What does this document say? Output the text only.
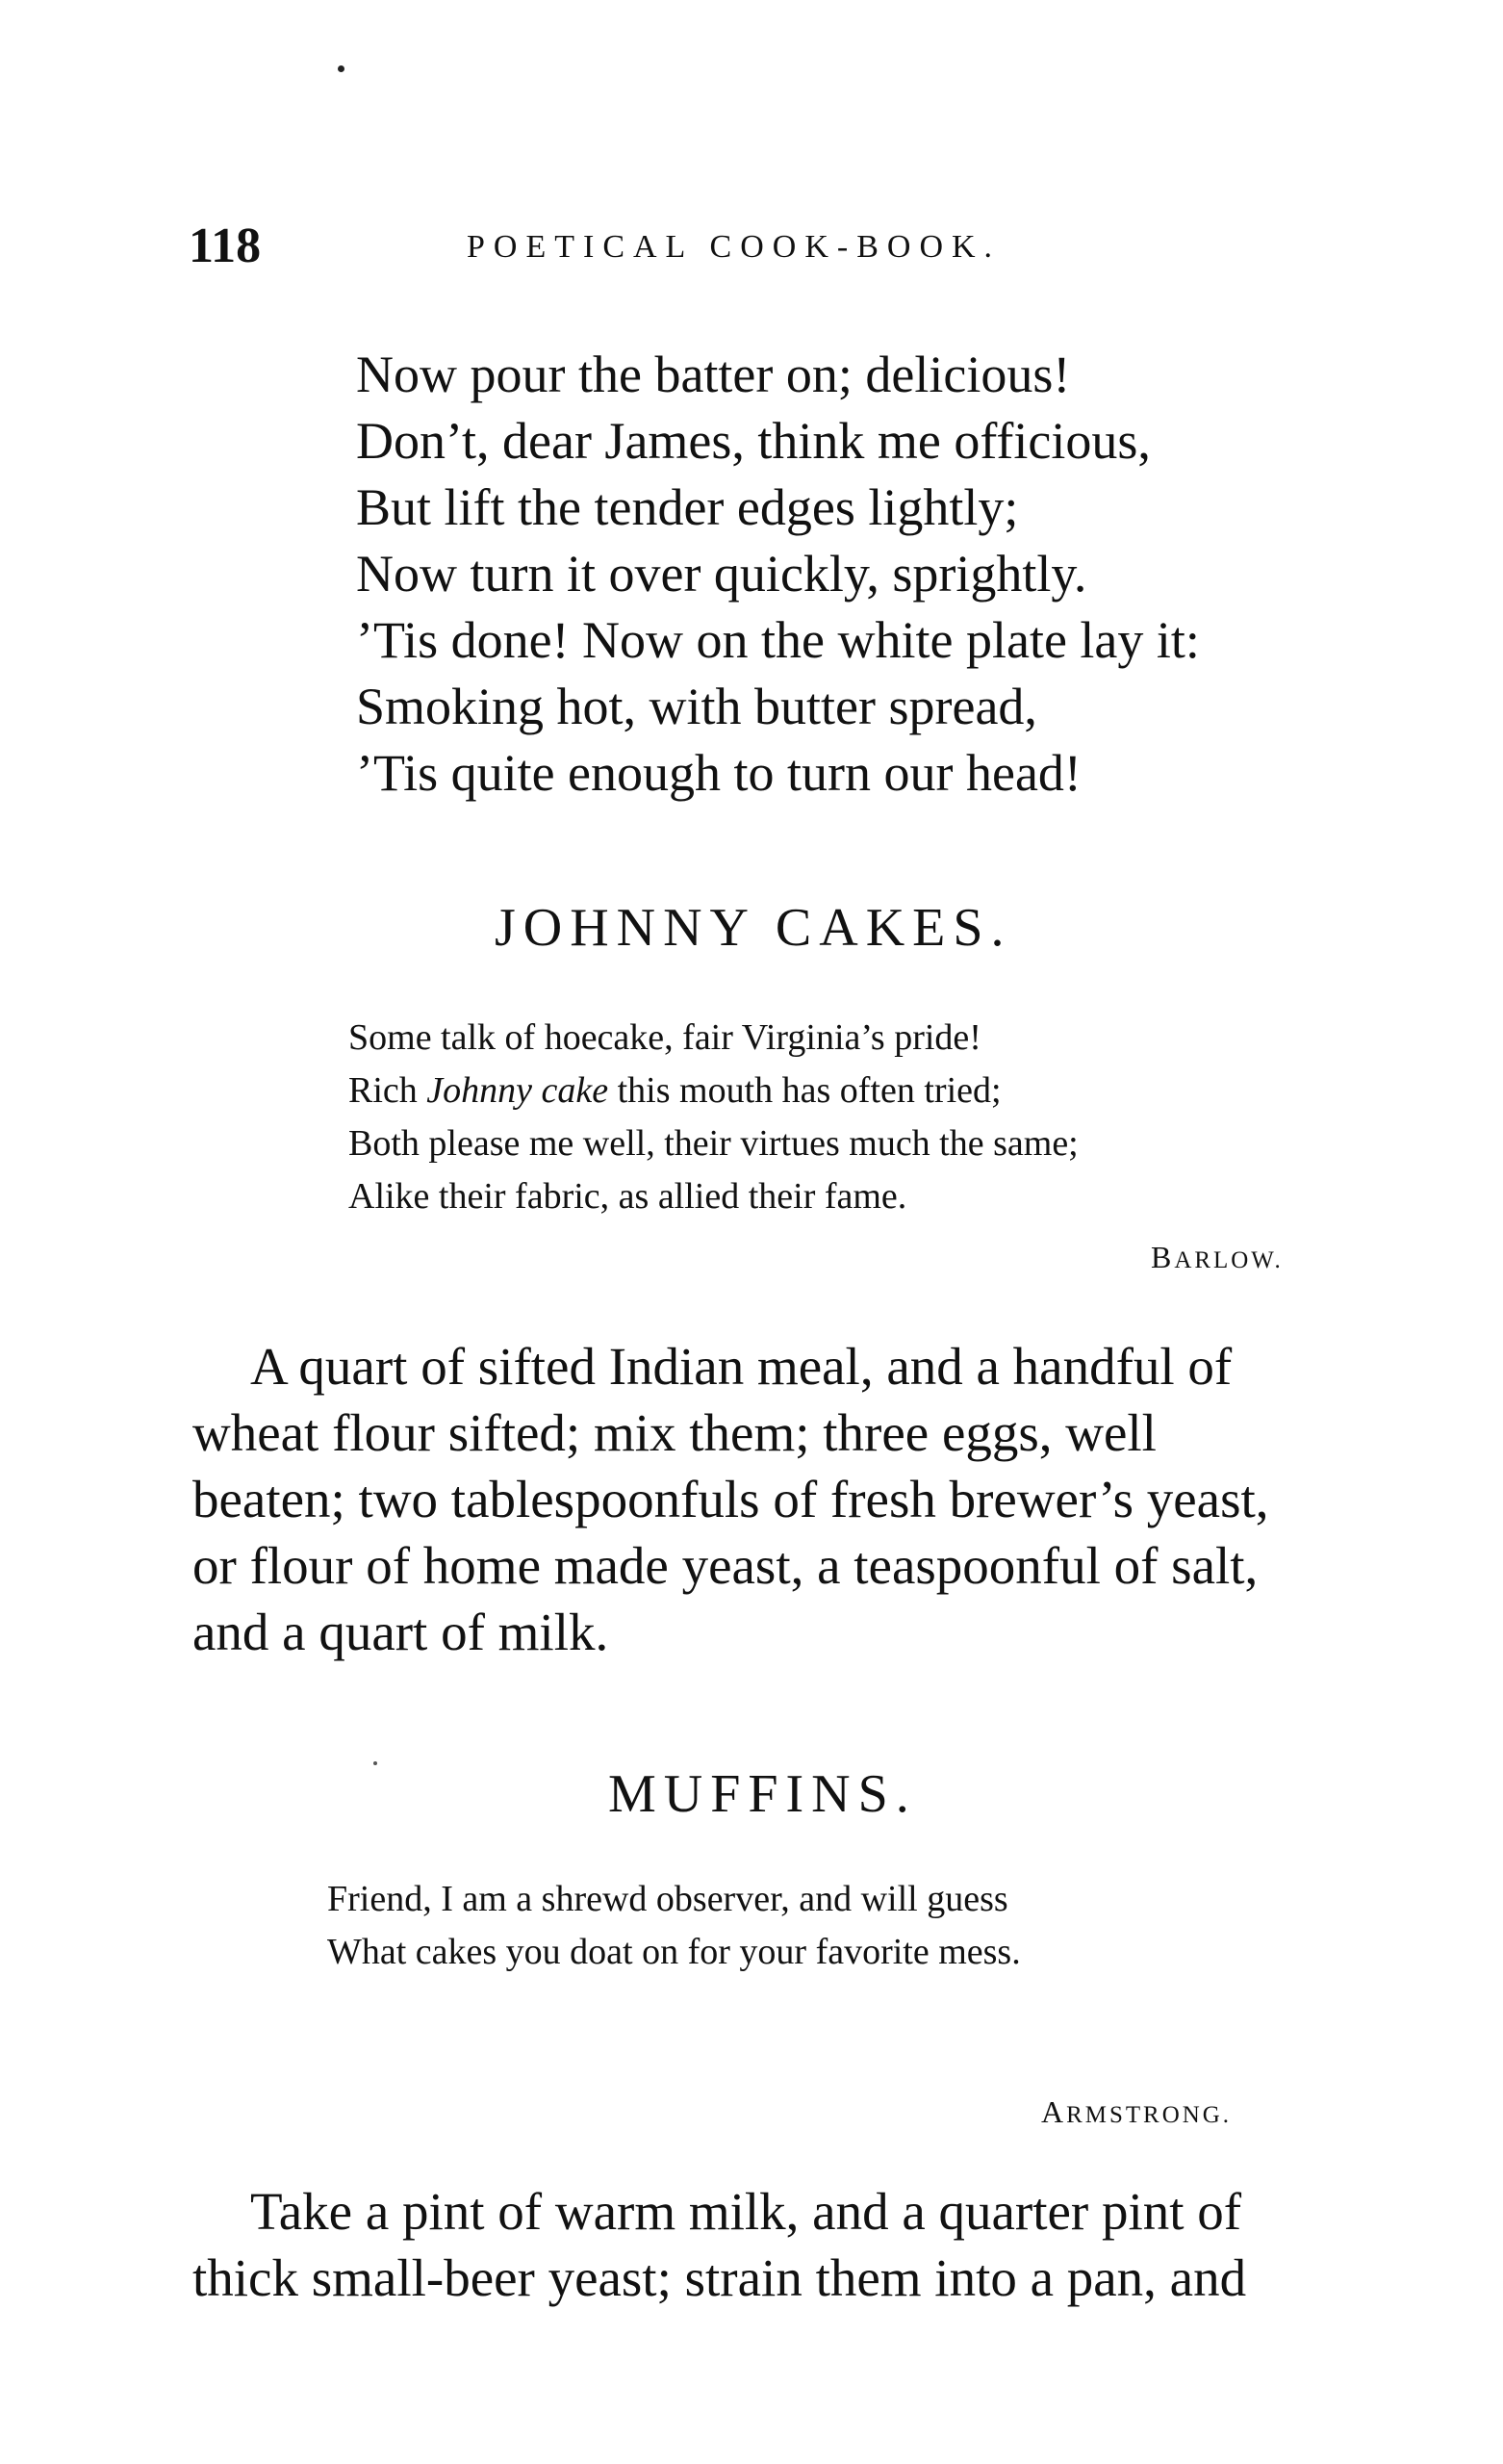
118	POETICAL COOK-BOOK.
Now pour the batter on; delicious!
Don’t, dear James, think me officious,
But lift the tender edges lightly;
Now turn it over quickly, sprightly.
’Tis done! Now on the white plate lay it:
Smoking hot, with butter spread,
’Tis quite enough to turn our head!
JOHNNY CAKES.
Some talk of hoecake, fair Virginia’s pride!
Rich Johnny cake this mouth has often tried;
Both please me well, their virtues much the same;
Alike their fabric, as allied their fame.
BARLOW.
A quart of sifted Indian meal, and a handful of
wheat flour sifted; mix them; three eggs, well
beaten; two tablespoonfuls of fresh brewer’s yeast,
or flour of home made yeast, a teaspoonful of salt,
and a quart of milk.
MUFFINS.
Friend, I am a shrewd observer, and will guess
What cakes you doat on for your favorite mess.
ARMSTRONG.
Take a pint of warm milk, and a quarter pint of
thick small-beer yeast; strain them into a pan, and
